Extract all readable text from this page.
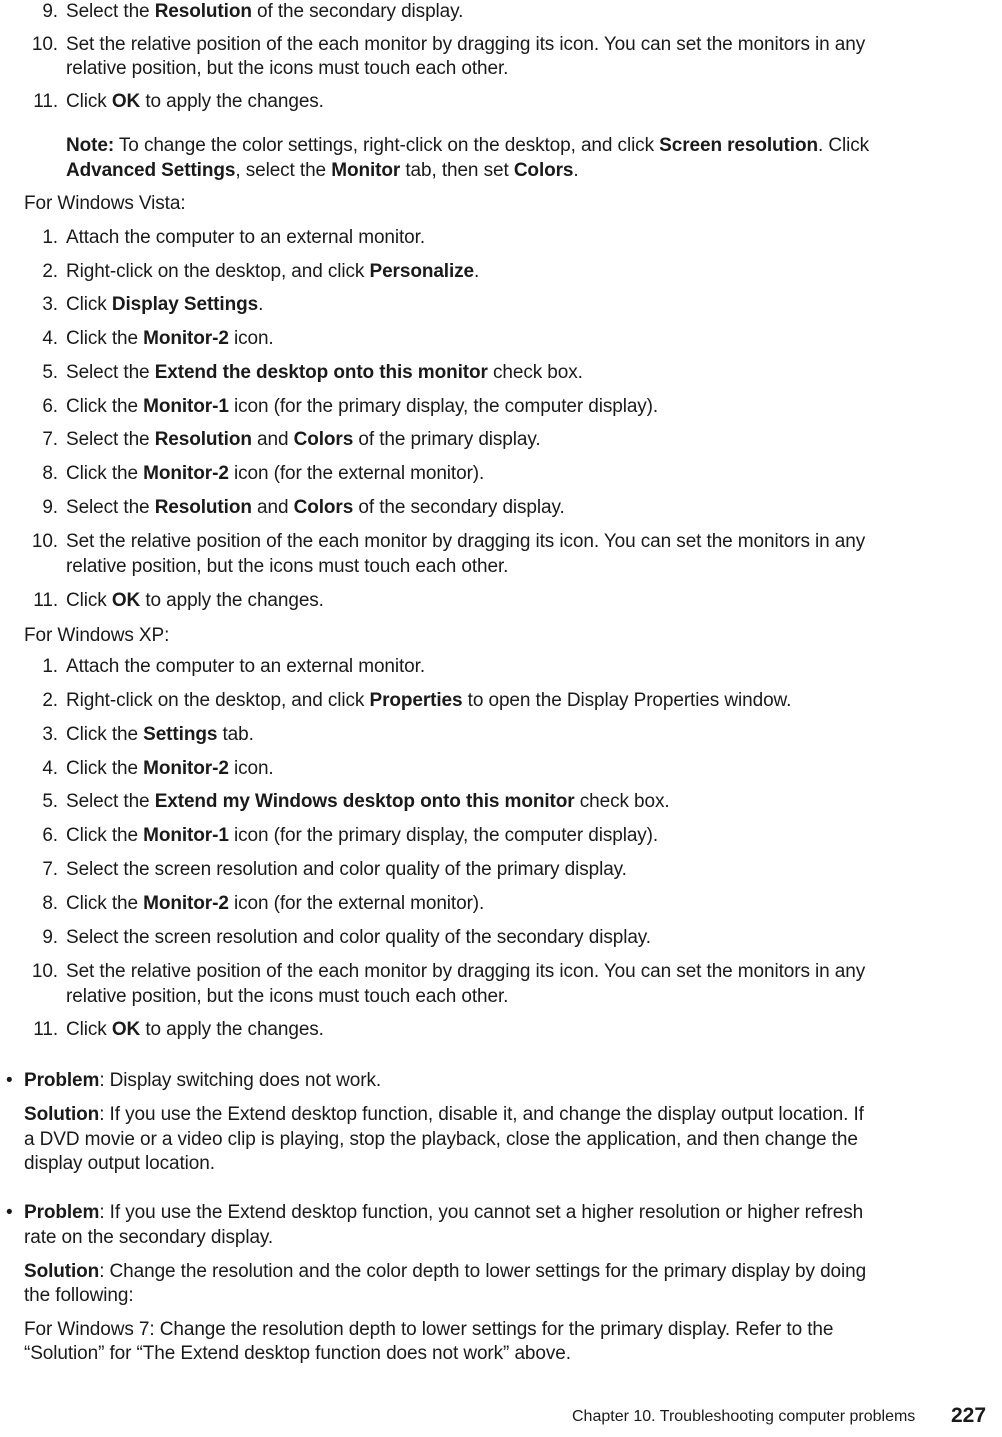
9. Select the Resolution of the secondary display.
10. Set the relative position of the each monitor by dragging its icon. You can set the monitors in any
relative position, but the icons must touch each other.
11. Click OK to apply the changes.
Note: To change the color settings, right-click on the desktop, and click Screen resolution. Click
Advanced Settings, select the Monitor tab, then set Colors.
For Windows Vista:
1. Attach the computer to an external monitor.
2. Right-click on the desktop, and click Personalize.
3. Click Display Settings.
4. Click the Monitor-2 icon.
5. Select the Extend the desktop onto this monitor check box.
6. Click the Monitor-1 icon (for the primary display, the computer display).
7. Select the Resolution and Colors of the primary display.
8. Click the Monitor-2 icon (for the external monitor).
9. Select the Resolution and Colors of the secondary display.
10. Set the relative position of the each monitor by dragging its icon. You can set the monitors in any
relative position, but the icons must touch each other.
11. Click OK to apply the changes.
For Windows XP:
1. Attach the computer to an external monitor.
2. Right-click on the desktop, and click Properties to open the Display Properties window.
3. Click the Settings tab.
4. Click the Monitor-2 icon.
5. Select the Extend my Windows desktop onto this monitor check box.
6. Click the Monitor-1 icon (for the primary display, the computer display).
7. Select the screen resolution and color quality of the primary display.
8. Click the Monitor-2 icon (for the external monitor).
9. Select the screen resolution and color quality of the secondary display.
10. Set the relative position of the each monitor by dragging its icon. You can set the monitors in any
relative position, but the icons must touch each other.
11. Click OK to apply the changes.
• Problem: Display switching does not work.
Solution: If you use the Extend desktop function, disable it, and change the display output location. If
a DVD movie or a video clip is playing, stop the playback, close the application, and then change the
display output location.
• Problem: If you use the Extend desktop function, you cannot set a higher resolution or higher refresh
rate on the secondary display.
Solution: Change the resolution and the color depth to lower settings for the primary display by doing
the following:
For Windows 7: Change the resolution depth to lower settings for the primary display. Refer to the
“Solution” for “The Extend desktop function does not work” above.
Chapter 10. Troubleshooting computer problems 227
